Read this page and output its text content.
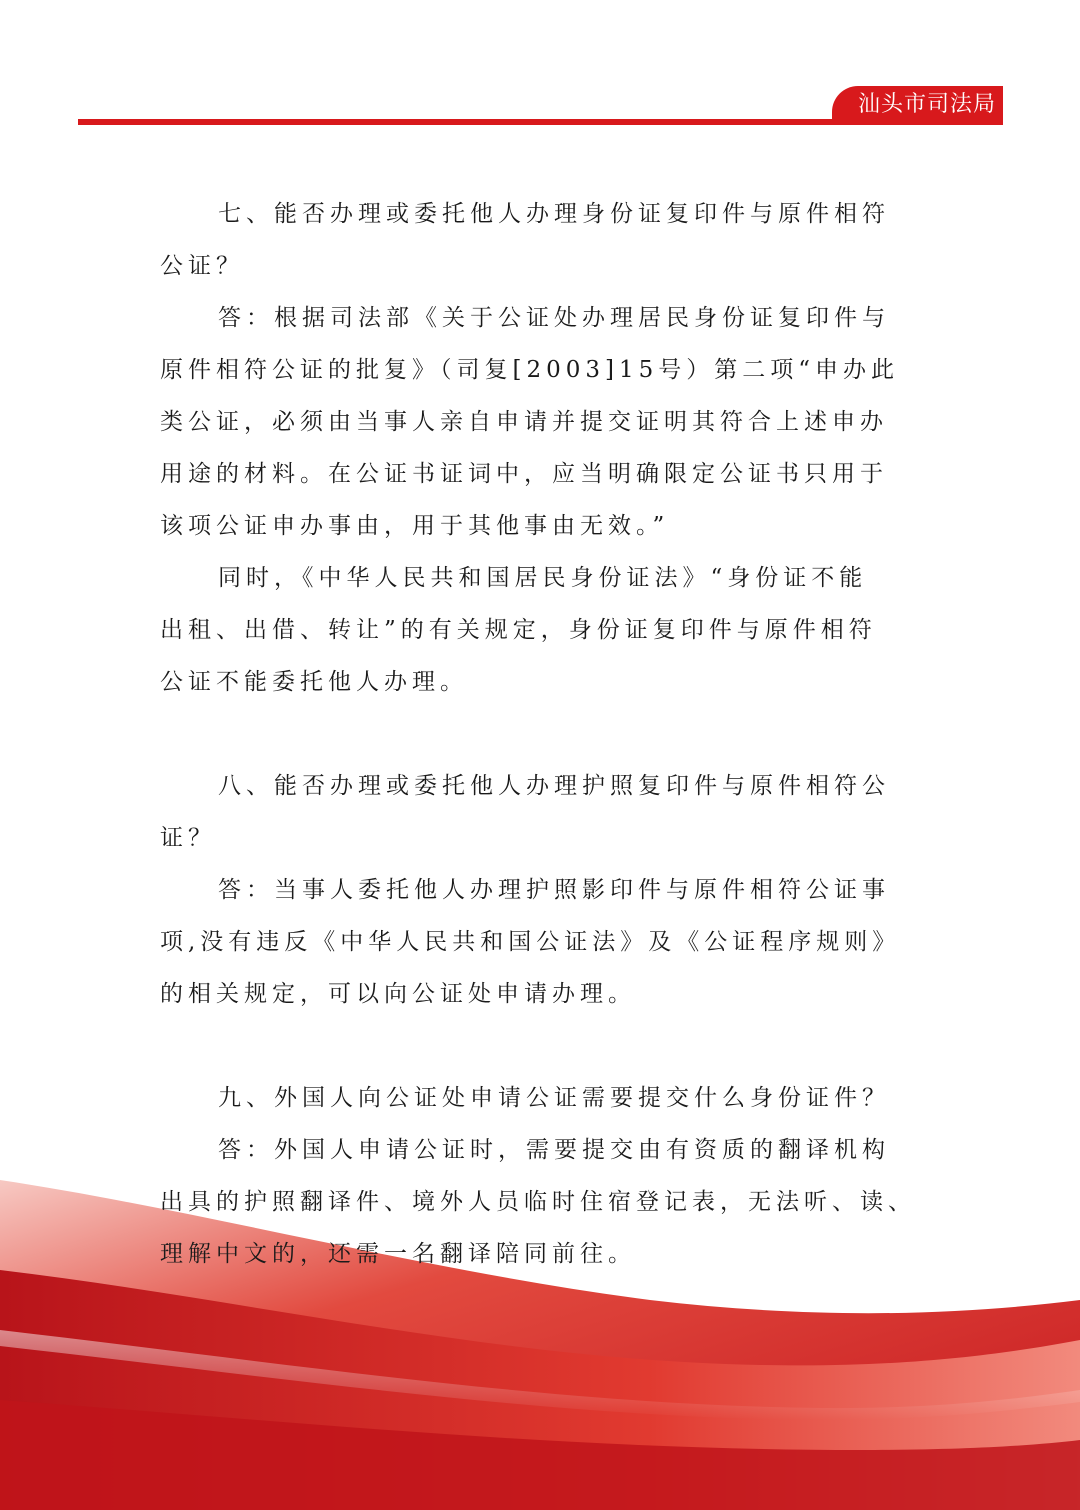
汕头市司法局
七、能否办理或委托他人办理身份证复印件与原件相符
公证？
答：根据司法部《关于公证处办理居民身份证复印件与
原件相符公证的批复》（司复[2003]15号）第二项“申办此
类公证，必须由当事人亲自申请并提交证明其符合上述申办
用途的材料。在公证书证词中，应当明确限定公证书只用于
该项公证申办事由，用于其他事由无效。”
同时，《中华人民共和国居民身份证法》“身份证不能
出租、出借、转让”的有关规定，身份证复印件与原件相符
公证不能委托他人办理。
八、能否办理或委托他人办理护照复印件与原件相符公
证？
答：当事人委托他人办理护照影印件与原件相符公证事
项,没有违反《中华人民共和国公证法》及《公证程序规则》
的相关规定，可以向公证处申请办理。
九、外国人向公证处申请公证需要提交什么身份证件？
答：外国人申请公证时，需要提交由有资质的翻译机构
出具的护照翻译件、境外人员临时住宿登记表，无法听、读、
理解中文的，还需一名翻译陪同前往。
9
